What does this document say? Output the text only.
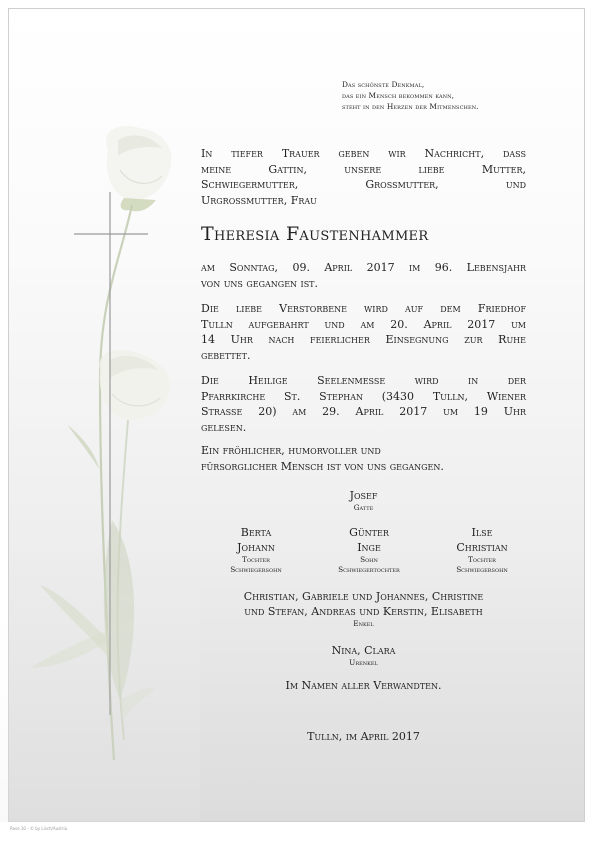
Das schönste Denkmal,
das ein Mensch bekommen kann,
steht in den Herzen der Mitmenschen.
In tiefer Trauer geben wir Nachricht, dass
meine Gattin, unsere liebe Mutter,
Schwiegermutter, Grossmutter, und
Urgrossmutter, Frau
Theresia Faustenhammer
am Sonntag, 09. April 2017 im 96. Lebensjahr
von uns gegangen ist.
Die liebe Verstorbene wird auf dem Friedhof
Tulln aufgebahrt und am 20. April 2017 um
14 Uhr nach feierlicher Einsegnung zur Ruhe
gebettet.
Die Heilige Seelenmesse wird in der
Pfarrkirche St. Stephan (3430 Tulln, Wiener
Strasse 20) am 29. April 2017 um 19 Uhr
gelesen.
Ein fröhlicher, humorvoller und
fürsorglicher Mensch ist von uns gegangen.
Josef
Gatte
Berta
Johann
Tochter
Schwiegersohn
Günter
Inge
Sohn
Schwiegertochter
Ilse
Christian
Tochter
Schwiegersohn
Christian, Gabriele und Johannes, Christine
und Stefan, Andreas und Kerstin, Elisabeth
Enkel
Nina, Clara
Urenkel
Im Namen aller Verwandten.
Tulln, im April 2017
Rose 10 - © by Lisch/Austria
